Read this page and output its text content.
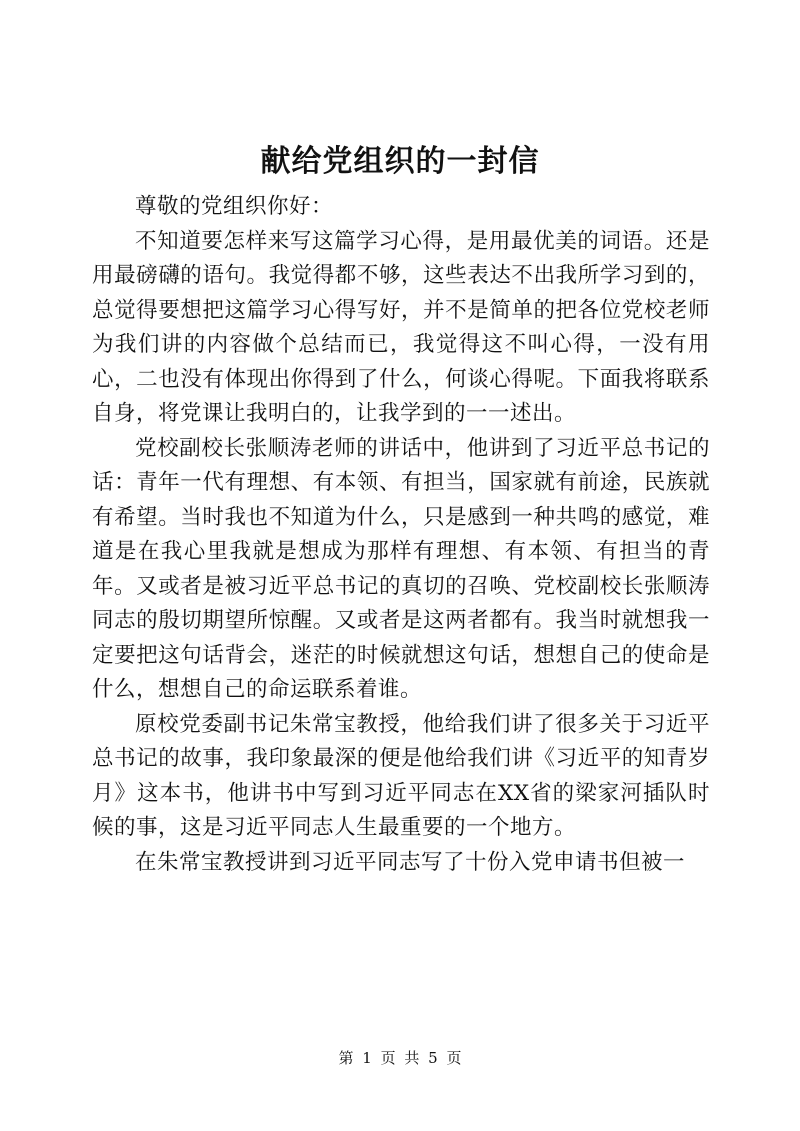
献给党组织的一封信

尊敬的党组织你好：

不知道要怎样来写这篇学习心得，是用最优美的词语。还是用最磅礴的语句。我觉得都不够，这些表达不出我所学习到的，总觉得要想把这篇学习心得写好，并不是简单的把各位党校老师为我们讲的内容做个总结而已，我觉得这不叫心得，一没有用心，二也没有体现出你得到了什么，何谈心得呢。下面我将联系自身，将党课让我明白的，让我学到的一一述出。

党校副校长张顺涛老师的讲话中，他讲到了习近平总书记的话：青年一代有理想、有本领、有担当，国家就有前途，民族就有希望。当时我也不知道为什么，只是感到一种共鸣的感觉，难道是在我心里我就是想成为那样有理想、有本领、有担当的青年。又或者是被习近平总书记的真切的召唤、党校副校长张顺涛同志的殷切期望所惊醒。又或者是这两者都有。我当时就想我一定要把这句话背会，迷茫的时候就想这句话，想想自己的使命是什么，想想自己的命运联系着谁。

原校党委副书记朱常宝教授，他给我们讲了很多关于习近平总书记的故事，我印象最深的便是他给我们讲《习近平的知青岁月》这本书，他讲书中写到习近平同志在XX省的梁家河插队时候的事，这是习近平同志人生最重要的一个地方。

在朱常宝教授讲到习近平同志写了十份入党申请书但被一

第 1 页 共 5 页
